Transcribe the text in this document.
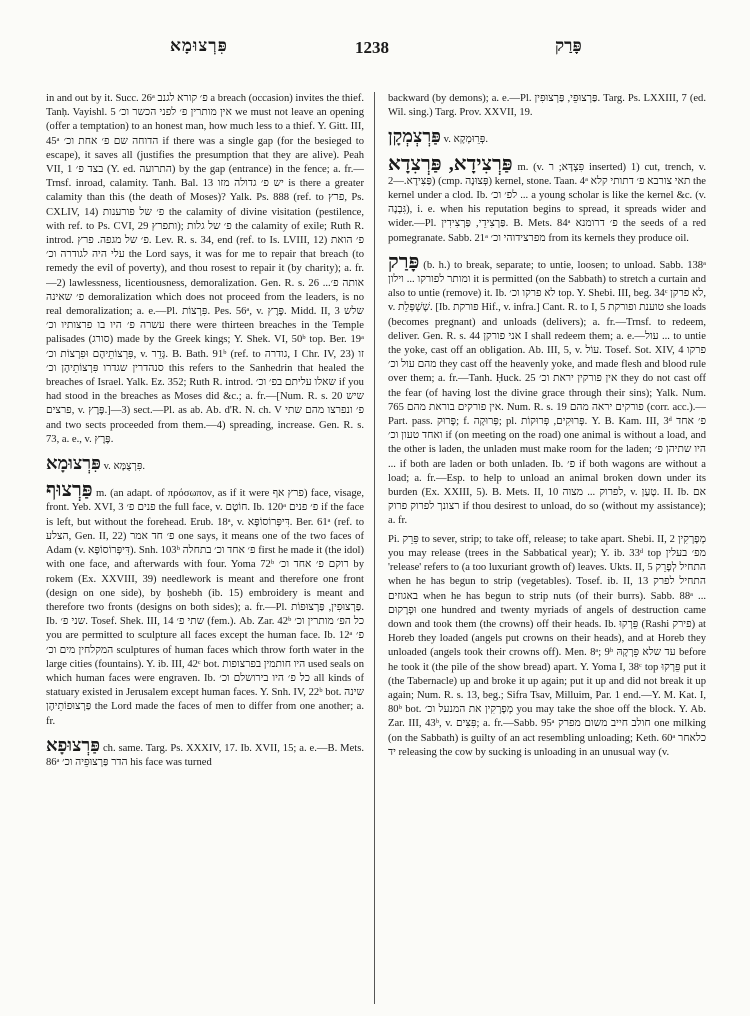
פִּרְצוּמָא	1238	פָּרַק

in and out by it. Succ. 26ᵃ פ׳ קורא לגנב a breach (occasion) invites the thief. Tanḥ. Vayishl. 5 אין מותרין פ׳ לפני הכשר וכ׳ we must not leave an opening (offer a temptation) to an honest man, how much less to a thief. Y. Gitt. III, 45ᵃ הדוחה שם פ׳ אחת וכ׳ if there was a single gap (for the besieged to escape), it saves all (justifies the presumption that they are alive). Peah VII, 1 בצד פ׳ (Y. ed. התרועה) by the gap (entrance) in the fence; a. fr.—Trnsf. inroad, calamity. Tanh. Bal. 13 יש פ׳ גדולה מזו is there a greater calamity than this (the death of Moses)? Yalk. Ps. 888 (ref. to פרץ, Ps. CXLIV, 14) פ׳ של פורענות the calamity of divine visitation (pestilence, with ref. to Ps. CVI, 29 ותפרץ); פ׳ של גלות the calamity of exile; Ruth R. introd. פ׳ של מגפה. פרץ. Lev. R. s. 34, end (ref. to Is. LVIII, 12) פ׳ הואת עלי היה לגודרה וכ׳ the Lord says, it was for me to repair that breach (to remedy the evil of poverty), and thou rosest to repair it (by charity); a. fr.—2) lawlessness, licentiousness, demoralization. Gen. R. s. 26 אותה פ׳... פ׳ שאינה demoralization which does not proceed from the leaders, is no real demoralization; a. e.—Pl. פִּרְצוֹת. Pes. 56ᵃ, v. פֶּרֶץ. Midd. II, 3 שלש עשרה פ׳ היו בו פרצותיו וכ׳ there were thirteen breaches in the Temple palisades (סורג) made by the Greek kings; Y. Shek. VI, 50ᵇ top. Ber. 19ᵃ פִּרְצוֹתֵיהֶם וּפִרְצוֹת וכ׳, v. גָּדֵר. B. Bath. 91ᵇ (ref. to גודרה, I Chr. IV, 23) זו סנהדרין שגדרו פִּרְצוֹתֵיהֶן וכ׳ this refers to the Sanhedrin that healed the breaches of Israel. Yalk. Ez. 352; Ruth R. introd. שאלו עליתם בפ׳ וכ׳ if you had stood in the breaches as Moses did &c.; a. fr.—[Num. R. s. 20 שיש פרצים, v. פֶּרֶץ.]—3) sect.—Pl. as ab. Ab. d'R. N. ch. V פ׳ ונפרצו מהם שתי and two sects proceeded from them.—4) spreading, increase. Gen. R. s. 73, a. e., v. פֶּרֶץ.

פִּרְצוּמָא v. פִּרְצֻמָּא.

פַּרְצוּף m. (an adapt. of πρόσωπον, as if it were פרץ אף) face, visage, front. Yeb. XVI, 3 פנים פ׳ the full face, v. חוֹטֶם. Ib. 120ᵃ פ׳ פנים if the face is left, but without the forehead. Erub. 18ᵃ, v. דִּיפְּרוֹסוֹפָּא. Ber. 61ᵃ (ref. to הצלע, Gen. II, 22) פ׳ חד אמר one says, it means one of the two faces of Adam (v. דִּיפְּרוֹסוֹפָּא). Snh. 103ᵇ פ׳ אחד וכ׳ בתחלה first he made it (the idol) with one face, and afterwards with four. Yoma 72ᵇ רוקם פ׳ אחד וכ׳ by rokem (Ex. XXVIII, 39) needlework is meant and therefore one front (design on one side), by ḥoshebh (ib. 15) embroidery is meant and therefore two fronts (designs on both sides); a. fr.—Pl. פַּרְצוּפִין, פַּרְצוּפוֹת. Ib. שני פ׳. Tosef. Shek. III, 14 שתי פ׳ (fem.). Ab. Zar. 42ᵇ כל הפ׳ מותרין וכ׳ you are permitted to sculpture all faces except the human face. Ib. 12ᵃ פ׳ המקלחין מים וכ׳ sculptures of human faces which throw forth water in the large cities (fountains). Y. ib. III, 42ᶜ bot. היו חותמין בפרצופות used seals on which human faces were engraven. Ib. כל פ׳ היו בירושלם וכ׳ all kinds of statuary existed in Jerusalem except human faces. Y. Snh. IV, 22ᵇ bot. שינה פַּרְצוּפוֹתֵיהֶן the Lord made the faces of men to differ from one another; a. fr.

פַּרְצוּפָא ch. same. Targ. Ps. XXXIV, 17. Ib. XVII, 15; a. e.—B. Mets. 86ᵃ הדר פַּרְצוּפֵיה וכ׳ his face was turned

backward (by demons); a. e.—Pl. פַּרְצוּפֵי, פַּרְצוּפִין. Targ. Ps. LXXIII, 7 (ed. Wil. sing.) Targ. Prov. XXVII, 19.

פַּרְצְמְקָן v. פְּרֵוּמְקָא.

פַּרְצִידָא, פַּרְצִדָא m. (v. פִּצְדָּא; ר inserted) 1) cut, trench, v. פַּצִּידָא.—2) (cmp. פְּצוּנָה) kernel, stone. Taan. 4ᵃ תאי צורבא פ׳ דתותי קלא the kernel under a clod. Ib. לפ׳ וכ׳ ... a young scholar is like the kernel &c. (v. גִּבְנָה), i. e. when his reputation begins to spread, it spreads wider and wider.—Pl. פַּרְצִידֵי, פַּרְצִידִין. B. Mets. 84ᵃ פ׳ דרומנא the seeds of a red pomegranate. Sabb. 21ᵃ מפרצידוהי וכ׳ from its kernels they produce oil.

פָּרַק (b. h.) to break, separate; to untie, loosen; to unload. Sabb. 138ᵃ ומותר לפורקו ... וילון it is permitted (on the Sabbath) to stretch a curtain and also to untie (remove) it. Ib. לא פרקו וכ׳ top. Y. Shebi. III, beg. 34ᶜ לא פרקן, v. שָׁשְׁפְּלֵת. [Ib. פורקת Hif., v. infra.] Cant. R. to I, 5 טוענת ופורקת she loads (becomes pregnant) and unloads (delivers); a. fr.—Trnsf. to redeem, deliver. Gen. R. s. 44 אני פורקן I shall redeem them; a. e.—עול ... to untie the yoke, cast off an obligation. Ab. III, 5, v. עוֹל. Tosef. Sot. XIV, 4 פרקו מהם עול וכ׳ they cast off the heavenly yoke, and made flesh and blood rule over them; a. fr.—Tanh. Ḥuck. 25 אין פורקין יראת וכ׳ they do not cast off the fear (of having lost the divine grace through their sins); Yalk. Num. 765 אין פורקים בוראת מהם. Num. R. s. 19 פורקים יראה מהם (corr. acc.).—Part. pass. פָּרוּק; f. פְּרוּקָה; pl. פְּרוּקִים, פְּרוּקוֹת. Y. B. Kam. III, 3ᵈ פ׳ אחד ואחד טעון וכ׳ if (on meeting on the road) one animal is without a load, and the other is laden, the unladen must make room for the laden; היו שתיהן פ׳ ... if both are laden or both unladen. Ib. פ׳ if both wagons are without a load; a. fr.—Esp. to help to unload an animal broken down under its burden (Ex. XXIII, 5). B. Mets. II, 10 לפרוק ... מצוה, v. טָעַן. II. Ib. אם רצונך לפרוק פרוק if thou desirest to unload, do so (without my assistance); a. fr.

Pi. פֵּרֵק to sever, strip; to take off, release; to take apart. Shebi. II, 2 מְפָרְקִין you may release (trees in the Sabbatical year); Y. ib. 33ᵈ top מפ׳ בעלין 'release' refers to (a too luxuriant growth of) leaves. Ukts. II, 5 התחיל לְפָרֵק when he has begun to strip (vegetables). Tosef. ib. II, 13 התחיל לפרק באגוזים when he has begun to strip nuts (of their burrs). Sabb. 88ᵃ ... וּפְרָקוּם one hundred and twenty myriads of angels of destruction came down and took them (the crowns) off their heads. Ib. פֵּרְקוּ (Rashi פירק) at Horeb they loaded (angels put crowns on their heads), and at Horeb they unloaded (angels took their crowns off). Men. 8ᵃ; 9ᵇ עד שלא פֵּרְקָהּ before he took it (the pile of the show bread) apart. Y. Yoma I, 38ᶜ top פֵּרְקוּ put it (the Tabernacle) up and broke it up again; put it up and did not break it up again; Num. R. s. 13, beg.; Sifra Tsav, Milluim, Par. 1 end.—Y. M. Kat. I, 80ᵇ bot. מְפָרְקִין את המנעל וכ׳ you may take the shoe off the block. Y. Ab. Zar. III, 43ᵇ, v. פִּצִּים; a. fr.—Sabb. 95ᵃ חולב חייב משום מפרק one milking (on the Sabbath) is guilty of an act resembling unloading; Keth. 60ᵃ כלאחר יד releasing the cow by sucking is unloading in an unusual way (v.
